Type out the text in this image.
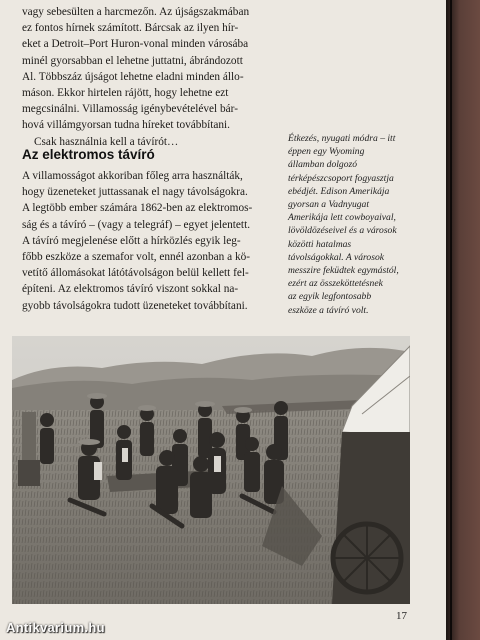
vagy sebesülten a harcmezőn. Az újságszakmában
ez fontos hírnek számított. Bárcsak az ilyen hír-
eket a Detroit–Port Huron-vonal minden városába
minél gyorsabban el lehetne juttatni, ábrándozott
Al. Többszáz újságot lehetne eladni minden állo-
máson. Ekkor hirtelen rájött, hogy lehetne ezt
megcsinálni. Villamosság igénybevételével bár-
hová villámgyorsan tudna híreket továbbítani.
Csak használnia kell a távírót…

Az elektromos távíró

A villamosságot akkoriban főleg arra használták,
hogy üzeneteket juttassanak el nagy távolságokra.
A legtöbb ember számára 1862-ben az elektromos-
ság és a távíró – (vagy a telegráf) – egyet jelentett.
A távíró megjelenése előtt a hírközlés egyik leg-
főbb eszköze a szemafor volt, ennél azonban a kö-
vetítő állomásokat látótávolságon belül kellett fel-
építeni. Az elektromos távíró viszont sokkal na-
gyobb távolságokra tudott üzeneteket továbbítani.

Étkezés, nyugati módra – itt
éppen egy Wyoming
államban dolgozó
térképészcsoport fogyasztja
ebédjét. Edison Amerikája
gyorsan a Vadnyugat
Amerikája lett cowboyaival,
lövöldözéseivel és a városok
közötti hatalmas
távolságokkal. A városok
messzire feküdtek egymástól,
ezért az összeköttetésnek
az egyik legfontosabb
eszköze a távíró volt.
17
Antikvarium.hu
